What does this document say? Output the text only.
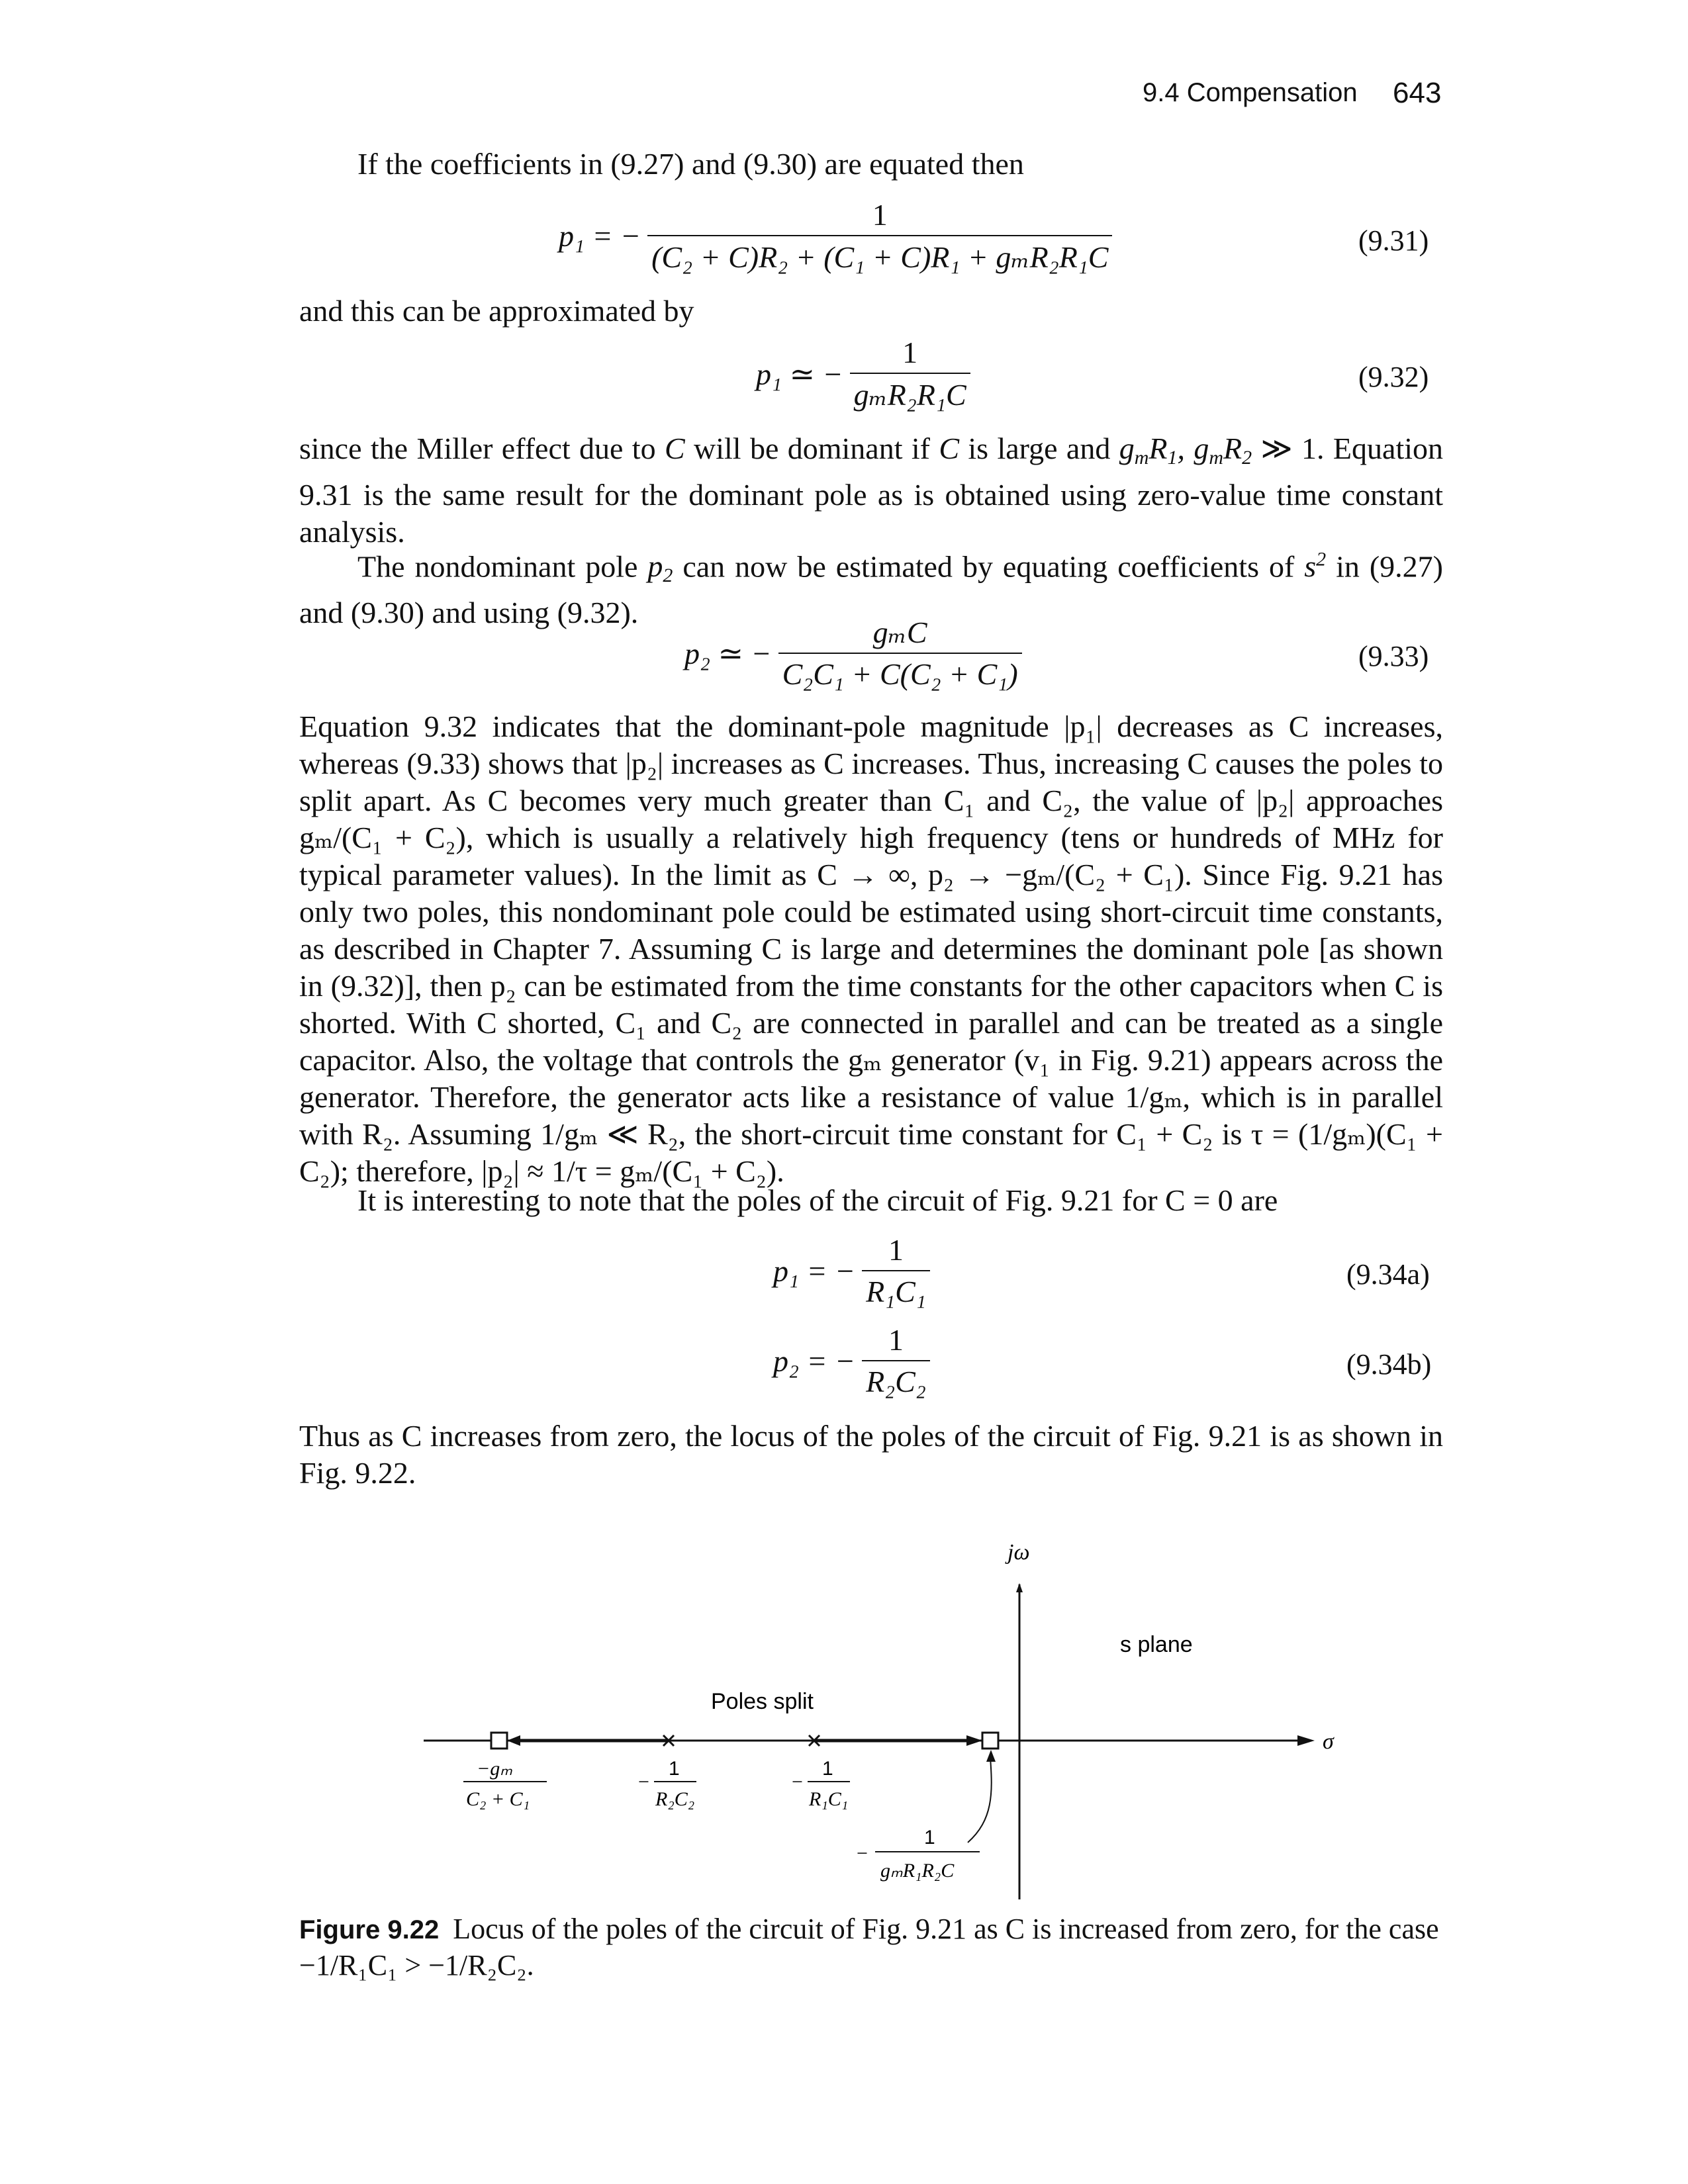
9.4 Compensation 643
If the coefficients in (9.27) and (9.30) are equated then
p₁ = − $\frac{1}{\text{(C₂ + C)R₂ + (C₁ + C)R₁ + gₘR₂R₁C}}$	(9.31)
and this can be approximated by
p₁ ≃ − $\frac{1}{\text{gₘR₂R₁C}}$	(9.32)
since the Miller effect due to C will be dominant if C is large and $g_mR_1$, $g_mR_2$ ≫ 1. Equation 9.31 is the same result for the dominant pole as is obtained using zero-value time constant analysis.
The nondominant pole $p_2$ can now be estimated by equating coefficients of $s^2$ in (9.27) and (9.30) and using (9.32).
p₂ ≃ − $\frac{\text{gₘC}}{\text{C₂C₁ + C(C₂ + C₁)}}$	(9.33)
Equation 9.32 indicates that the dominant-pole magnitude |p₁| decreases as C increases, whereas (9.33) shows that |p₂| increases as C increases. Thus, increasing C causes the poles to split apart. As C becomes very much greater than C₁ and C₂, the value of |p₂| approaches gₘ/(C₁ + C₂), which is usually a relatively high frequency (tens or hundreds of MHz for typical parameter values). In the limit as C → ∞, p₂ → −gₘ/(C₂ + C₁). Since Fig. 9.21 has only two poles, this nondominant pole could be estimated using short-circuit time constants, as described in Chapter 7. Assuming C is large and determines the dominant pole [as shown in (9.32)], then p₂ can be estimated from the time constants for the other capacitors when C is shorted. With C shorted, C₁ and C₂ are connected in parallel and can be treated as a single capacitor. Also, the voltage that controls the gₘ generator (v₁ in Fig. 9.21) appears across the generator. Therefore, the generator acts like a resistance of value 1/gₘ, which is in parallel with R₂. Assuming 1/gₘ ≪ R₂, the short-circuit time constant for C₁ + C₂ is τ = (1/gₘ)(C₁ + C₂); therefore, |p₂| ≈ 1/τ = gₘ/(C₁ + C₂).
It is interesting to note that the poles of the circuit of Fig. 9.21 for C = 0 are
p₁ = − $\frac{1}{\text{R₁C₁}}$	(9.34a)
p₂ = − $\frac{1}{\text{R₂C₂}}$	(9.34b)
Thus as C increases from zero, the locus of the poles of the circuit of Fig. 9.21 is as shown in Fig. 9.22.
jω
s plane
σ
Poles split
−gₘ
C₂ + C₁
−
1
R₂C₂
−
1
R₁C₁
−
1
gₘR₁R₂C
Figure 9.22 Locus of the poles of the circuit of Fig. 9.21 as C is increased from zero, for the case −1/R₁C₁ > −1/R₂C₂.
